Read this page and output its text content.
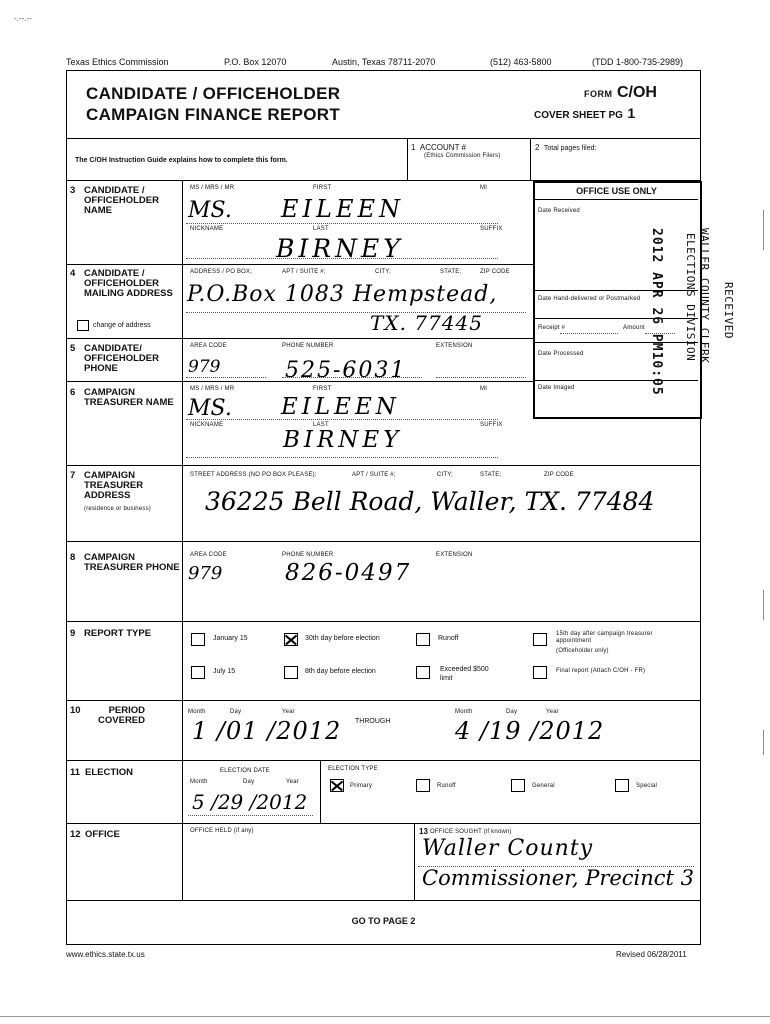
-.--.--
Texas Ethics Commission	P.O. Box 12070	Austin, Texas 78711-2070	(512) 463-5800	(TDD 1-800-735-2989)
CANDIDATE / OFFICEHOLDER
CAMPAIGN FINANCE REPORT
FORM C/OH
COVER SHEET PG 1
The C/OH Instruction Guide explains how to complete this form.
1 ACCOUNT #
(Ethics Commission Filers)
2 Total pages filed:
OFFICE USE ONLY
Date Received
Date Hand-delivered or Postmarked
Receipt #	Amount
Date Processed
Date Imaged	2012 APR 26 PM10:05	RECEIVED
WALLER COUNTY CLERK
ELECTIONS DIVISION
3 CANDIDATE / OFFICEHOLDER NAME
MS / MRS / MR	FIRST	MI
NICKNAME	LAST	SUFFIX
MS. EILEEN
BIRNEY
4 CANDIDATE / OFFICEHOLDER MAILING ADDRESS
change of address
ADDRESS / PO BOX;	APT / SUITE #;	CITY;	STATE;	ZIP CODE
P.O.Box 1083 Hempstead,
TX. 77445
5 CANDIDATE/ OFFICEHOLDER PHONE
AREA CODE	PHONE NUMBER	EXTENSION
979	525-6031
6 CAMPAIGN TREASURER NAME
MS / MRS / MR	FIRST	MI
NICKNAME	LAST	SUFFIX
MS. EILEEN
BIRNEY
7 CAMPAIGN TREASURER ADDRESS
(residence or business)
STREET ADDRESS (NO PO BOX PLEASE);	APT / SUITE #;	CITY;	STATE;	ZIP CODE
36225 Bell Road, Waller, TX. 77484
8 CAMPAIGN TREASURER PHONE
AREA CODE	PHONE NUMBER	EXTENSION
979	826-0497
9 REPORT TYPE	January 15	30th day before election	Runoff
15th day after campaign treasurer appointment
(Officeholder only)
July 15	8th day before election	Exceeded $500
limit
Final report (Attach C/OH - FR)
10	PERIOD COVERED
Month	Day	Year
THROUGH
Month	Day	Year
1 /01 /2012	4 /19 /2012
11 ELECTION	ELECTION DATE
Month	Day	Year
5 /29 /2012
ELECTION TYPE
Primary	Runoff	General	Special
12 OFFICE	OFFICE HELD (if any)	13 OFFICE SOUGHT (if known)
Waller County
Commissioner, Precinct 3
GO TO PAGE 2
www.ethics.state.tx.us	Revised 06/28/2011
